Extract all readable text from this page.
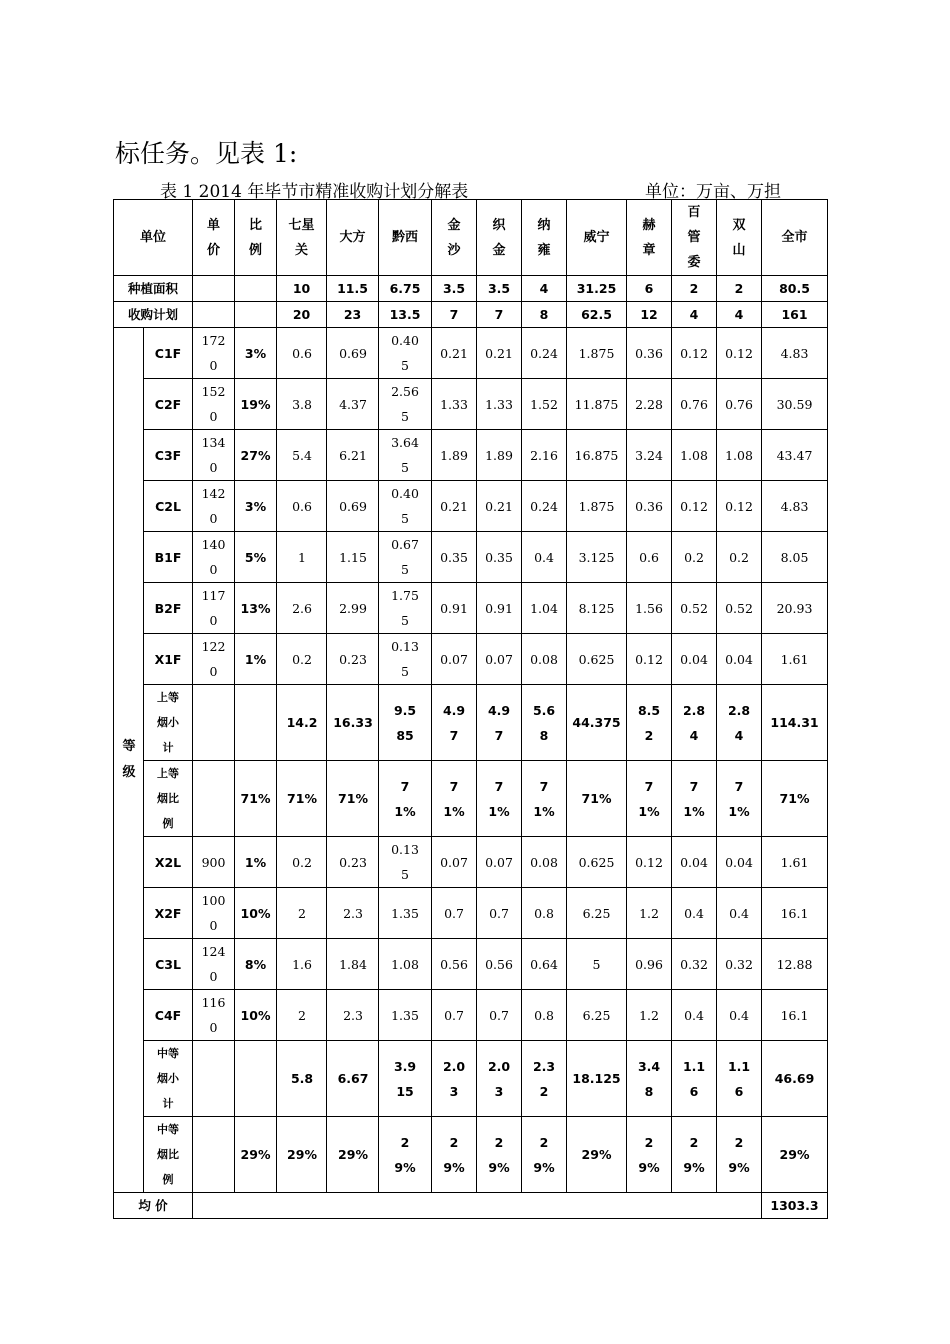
标任务。见表 1:
表 1 2014 年毕节市精准收购计划分解表	单位：万亩、万担
单位		单价	比例	七星关	大方	黔西	金沙	织金	纳雍	威宁	赫章	百管委	双山	全市
种植面积				10	11.5	6.75	3.5	3.5	4	31.25	6	2	2	80.5
收购计划				20	23	13.5	7	7	8	62.5	12	4	4	161

等级	C1F	1720	3%	0.6	0.69	0.405	0.21	0.21	0.24	1.875	0.36	0.12	0.12	4.83

	C2F	1520	19%	3.8	4.37	2.565	1.33	1.33	1.52	11.875	2.28	0.76	0.76	30.59

	C3F	1340	27%	5.4	6.21	3.645	1.89	1.89	2.16	16.875	3.24	1.08	1.08	43.47

	C2L	1420	3%	0.6	0.69	0.405	0.21	0.21	0.24	1.875	0.36	0.12	0.12	4.83

	B1F	1400	5%	1	1.15	0.675	0.35	0.35	0.4	3.125	0.6	0.2	0.2	8.05

	B2F	1170	13%	2.6	2.99	1.755	0.91	0.91	1.04	8.125	1.56	0.52	0.52	20.93

	X1F	1220	1%	0.2	0.23	0.135	0.07	0.07	0.08	0.625	0.12	0.04	0.04	1.61

	上等烟小计			14.2	16.33	9.585	4.97	4.97	5.68	44.375	8.52	2.84	2.84	114.31

	上等烟比例		71%	71%	71%	71%	71%	71%	71%	71%	71%	71%	71%	71%

	X2L	900	1%	0.2	0.23	0.135	0.07	0.07	0.08	0.625	0.12	0.04	0.04	1.61

	X2F	1000	10%	2	2.3	1.35	0.7	0.7	0.8	6.25	1.2	0.4	0.4	16.1

	C3L	1240	8%	1.6	1.84	1.08	0.56	0.56	0.64	5	0.96	0.32	0.32	12.88

	C4F	1160	10%	2	2.3	1.35	0.7	0.7	0.8	6.25	1.2	0.4	0.4	16.1

	中等烟小计			5.8	6.67	3.915	2.03	2.03	2.32	18.125	3.48	1.16	1.16	46.69

	中等烟比例		29%	29%	29%	29%	29%	29%	29%	29%	29%	29%	29%	29%

均 价														1303.3
